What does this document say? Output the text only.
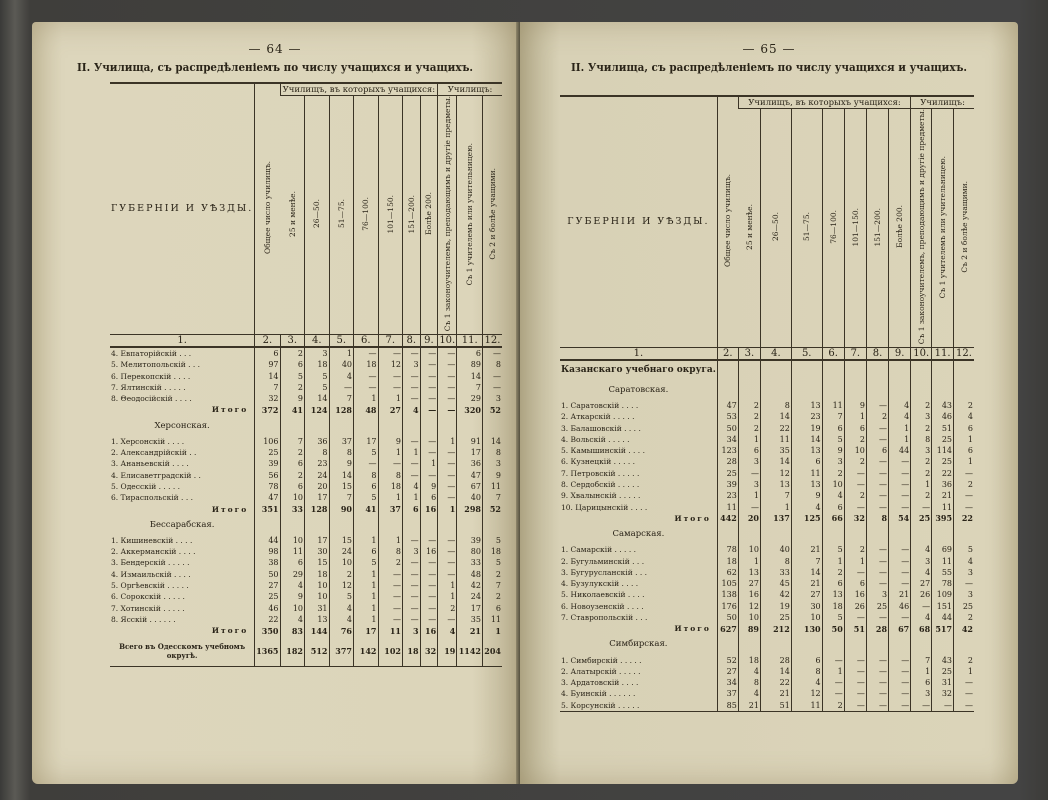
— 64 —
II. Училища, съ распредѣленіемъ по числу учащихся и учащихъ.
ГУБЕРНІИ И УѢЗДЫ.	Общее число училищъ.	Училищъ, въ которыхъ учащихся:							Училищъ:		
		25 и менѣе.	26—50.	51—75.	76—100.	101—150.	151—200.	Болѣе 200.	Съ 1 законоучителемъ, преподающимъ и другіе предметы.	Съ 1 учителемъ или учительницею.	Съ 2 и болѣе учащими.
1.	2.	3.	4.	5.	6.	7.	8.	9.	10.	11.	12.
4. Евпаторійскій . . .	6	2	3	1	—	—	—	—	—	6	—
5. Мелитопольскій . . .	97	6	18	40	18	12	3	—	—	89	8
6. Перекопскій . . . .	14	5	5	4	—	—	—	—	—	14	—
7. Ялтинскій . . . . .	7	2	5	—	—	—	—	—	—	7	—
8. Θеодосійскій . . . .	32	9	14	7	1	1	—	—	—	29	3
Итого	372	41	124	128	48	27	4	—	—	320	52
Херсонская.											
1. Херсонскій . . . .	106	7	36	37	17	9	—	—	1	91	14
2. Александрійскій . .	25	2	8	8	5	1	1	—	—	17	8
3. Ананьевскій . . . .	39	6	23	9	—	—	—	1	—	36	3
4. Елисаветградскій . .	56	2	24	14	8	8	—	—	—	47	9
5. Одесскій . . . . .	78	6	20	15	6	18	4	9	—	67	11
6. Тираспольскій . . .	47	10	17	7	5	1	1	6	—	40	7
Итого	351	33	128	90	41	37	6	16	1	298	52
Бессарабская.											
1. Кишиневскій . . . .	44	10	17	15	1	1	—	—	—	39	5
2. Аккерманскій . . . .	98	11	30	24	6	8	3	16	—	80	18
3. Бендерскій . . . . .	38	6	15	10	5	2	—	—	—	33	5
4. Измаильскій . . . .	50	29	18	2	1	—	—	—	—	48	2
5. Оргѣевскій . . . . .	27	4	10	12	1	—	—	—	1	42	7
6. Сорокскій . . . . .	25	9	10	5	1	—	—	—	1	24	2
7. Хотинскій . . . . .	46	10	31	4	1	—	—	—	2	17	6
8. Ясскій . . . . . .	22	4	13	4	1	—	—	—	—	35	11
Итого	350	83	144	76	17	11	3	16	4	21	1
Всего въ Одесскомъ учебномъ округѣ.	1365	182	512	377	142	102	18	32	19	1142	204
— 65 —
II. Училища, съ распредѣленіемъ по числу учащихся и учащихъ.
ГУБЕРНІИ И УѢЗДЫ.	Общее число училищъ.	Училищъ, въ которыхъ учащихся:							Училищъ:		
		25 и менѣе.	26—50.	51—75.	76—100.	101—150.	151—200.	Болѣе 200.	Съ 1 законоучителемъ, преподающимъ и другіе предметы.	Съ 1 учителемъ или учительницею.	Съ 2 и болѣе учащими.
1.	2.	3.	4.	5.	6.	7.	8.	9.	10.	11.	12.
Казанскаго учебнаго округа.											
Саратовская.											
1. Саратовскій . . . .	47	2	8	13	11	9	—	4	2	43	2
2. Аткарскій . . . . .	53	2	14	23	7	1	2	4	3	46	4
3. Балашовскій . . . .	50	2	22	19	6	6	—	1	2	51	6
4. Вольскій . . . . .	34	1	11	14	5	2	—	1	8	25	1
5. Камышинскій . . . .	123	6	35	13	9	10	6	44	3	114	6
6. Кузнецкій . . . . .	28	3	14	6	3	2	—	—	2	25	1
7. Петровскій . . . . .	25	—	12	11	2	—	—	—	2	22	—
8. Сердобскій . . . . .	39	3	13	13	10	—	—	—	1	36	2
9. Хвалынскій . . . . .	23	1	7	9	4	2	—	—	2	21	—
10. Царицынскій . . . .	11	—	1	4	6	—	—	—	—	11	—
Итого	442	20	137	125	66	32	8	54	25	395	22
Самарская.											
1. Самарскій . . . . .	78	10	40	21	5	2	—	—	4	69	5
2. Бугульминскій . . .	18	1	8	7	1	1	—	—	3	11	4
3. Бугурусланскій . . .	62	13	33	14	2	—	—	—	4	55	3
4. Бузулукскій . . . .	105	27	45	21	6	6	—	—	27	78	—
5. Николаевскій . . . .	138	16	42	27	13	16	3	21	26	109	3
6. Новоузенскій . . . .	176	12	19	30	18	26	25	46	—	151	25
7. Ставропольскій . . .	50	10	25	10	5	—	—	—	4	44	2
Итого	627	89	212	130	50	51	28	67	68	517	42
Симбирская.											
1. Симбирскій . . . . .	52	18	28	6	—	—	—	—	7	43	2
2. Алатырскій . . . . .	27	4	14	8	1	—	—	—	1	25	1
3. Ардатовскій . . . .	34	8	22	4	—	—	—	—	6	31	—
4. Буинскій . . . . . .	37	4	21	12	—	—	—	—	3	32	—
5. Корсунскій . . . . .	85	21	51	11	2	—	—	—	—	—	—
